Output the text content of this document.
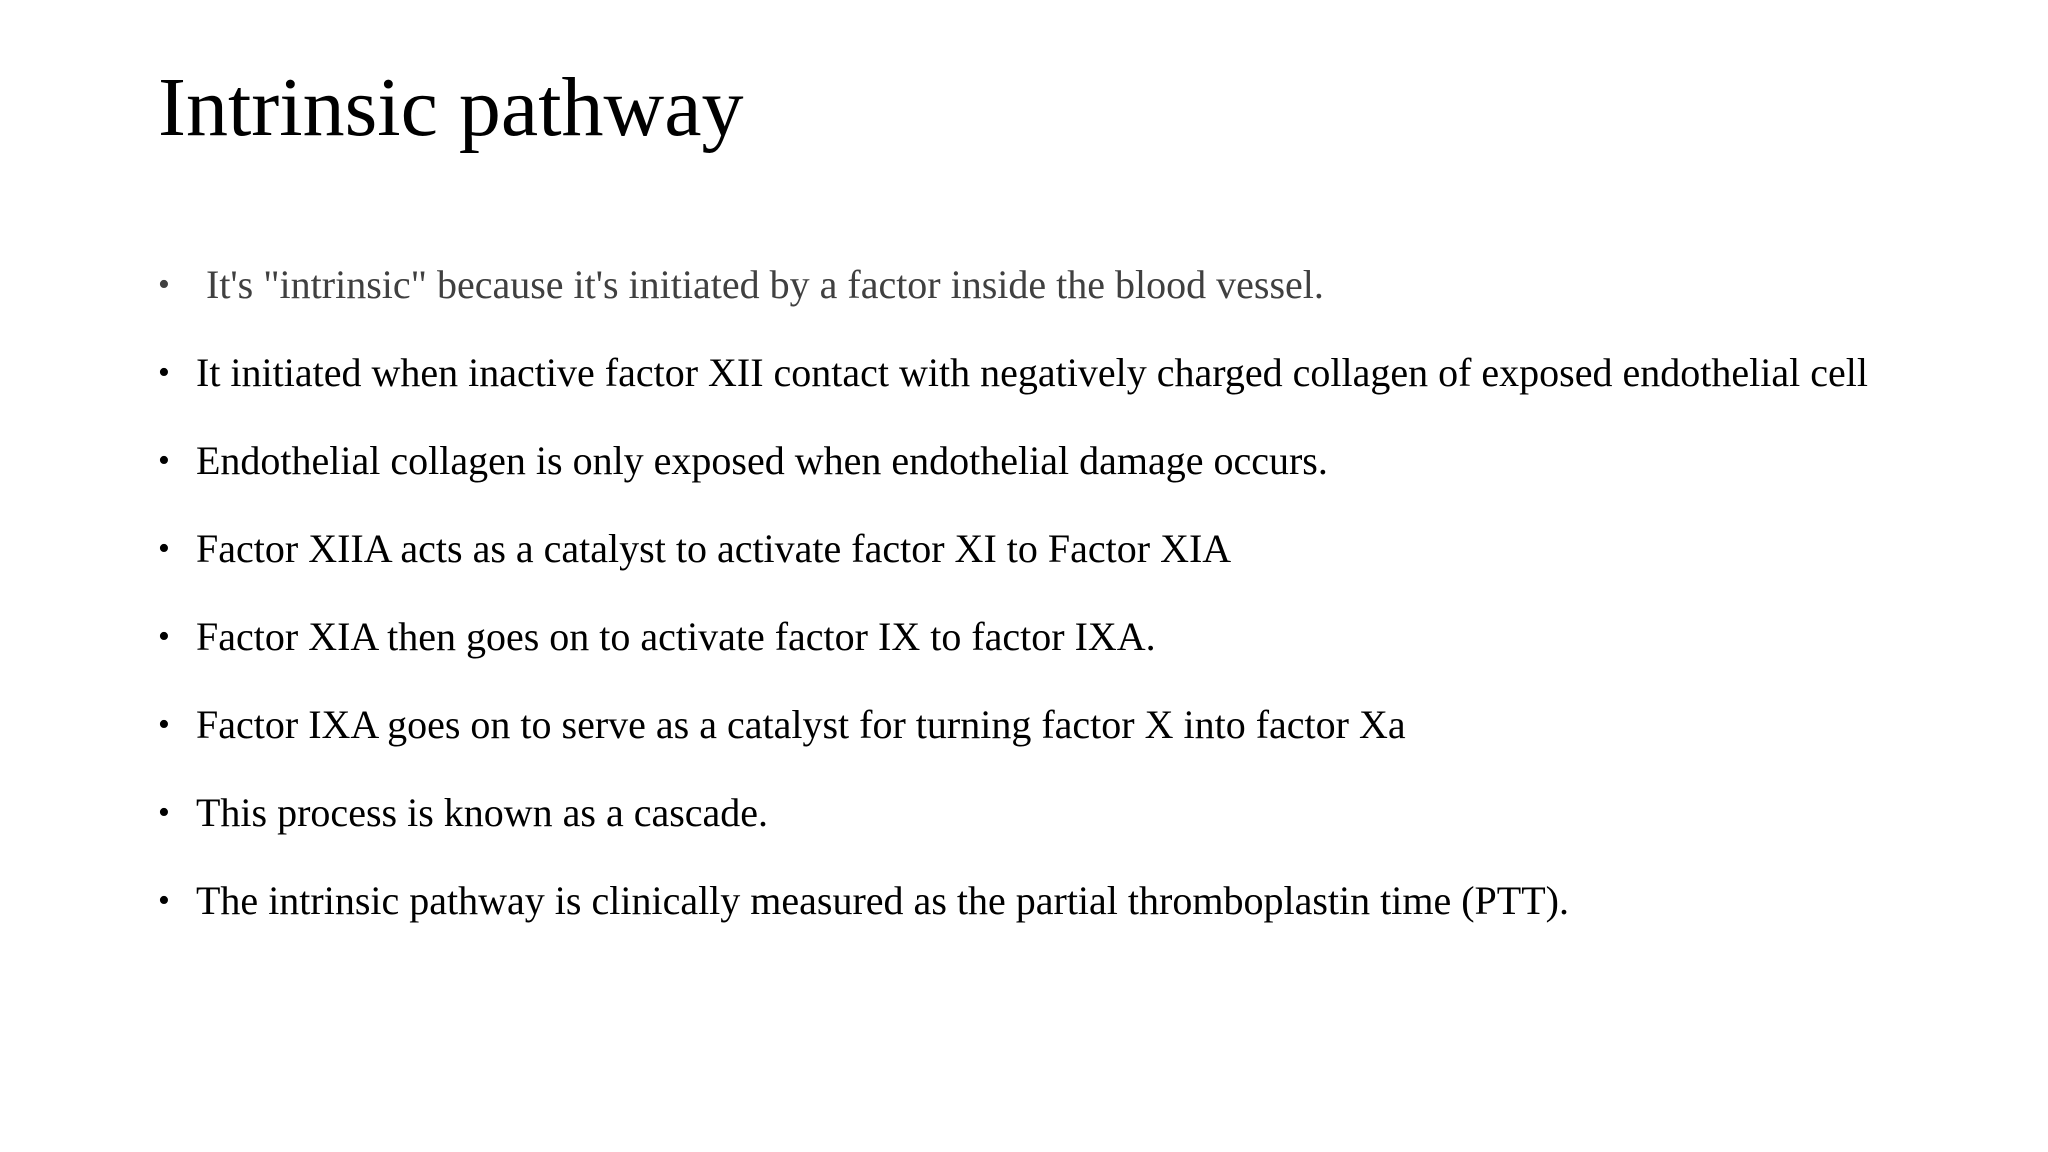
Intrinsic pathway
• It's "intrinsic" because it's initiated by a factor inside the blood vessel.
• It initiated when inactive factor XII contact with negatively charged collagen of exposed endothelial cell
• Endothelial collagen is only exposed when endothelial damage occurs.
• Factor XIIA acts as a catalyst to activate factor XI to Factor XIA
• Factor XIA then goes on to activate factor IX to factor IXA.
• Factor IXA goes on to serve as a catalyst for turning factor X into factor Xa
• This process is known as a cascade.
• The intrinsic pathway is clinically measured as the partial thromboplastin time (PTT).
